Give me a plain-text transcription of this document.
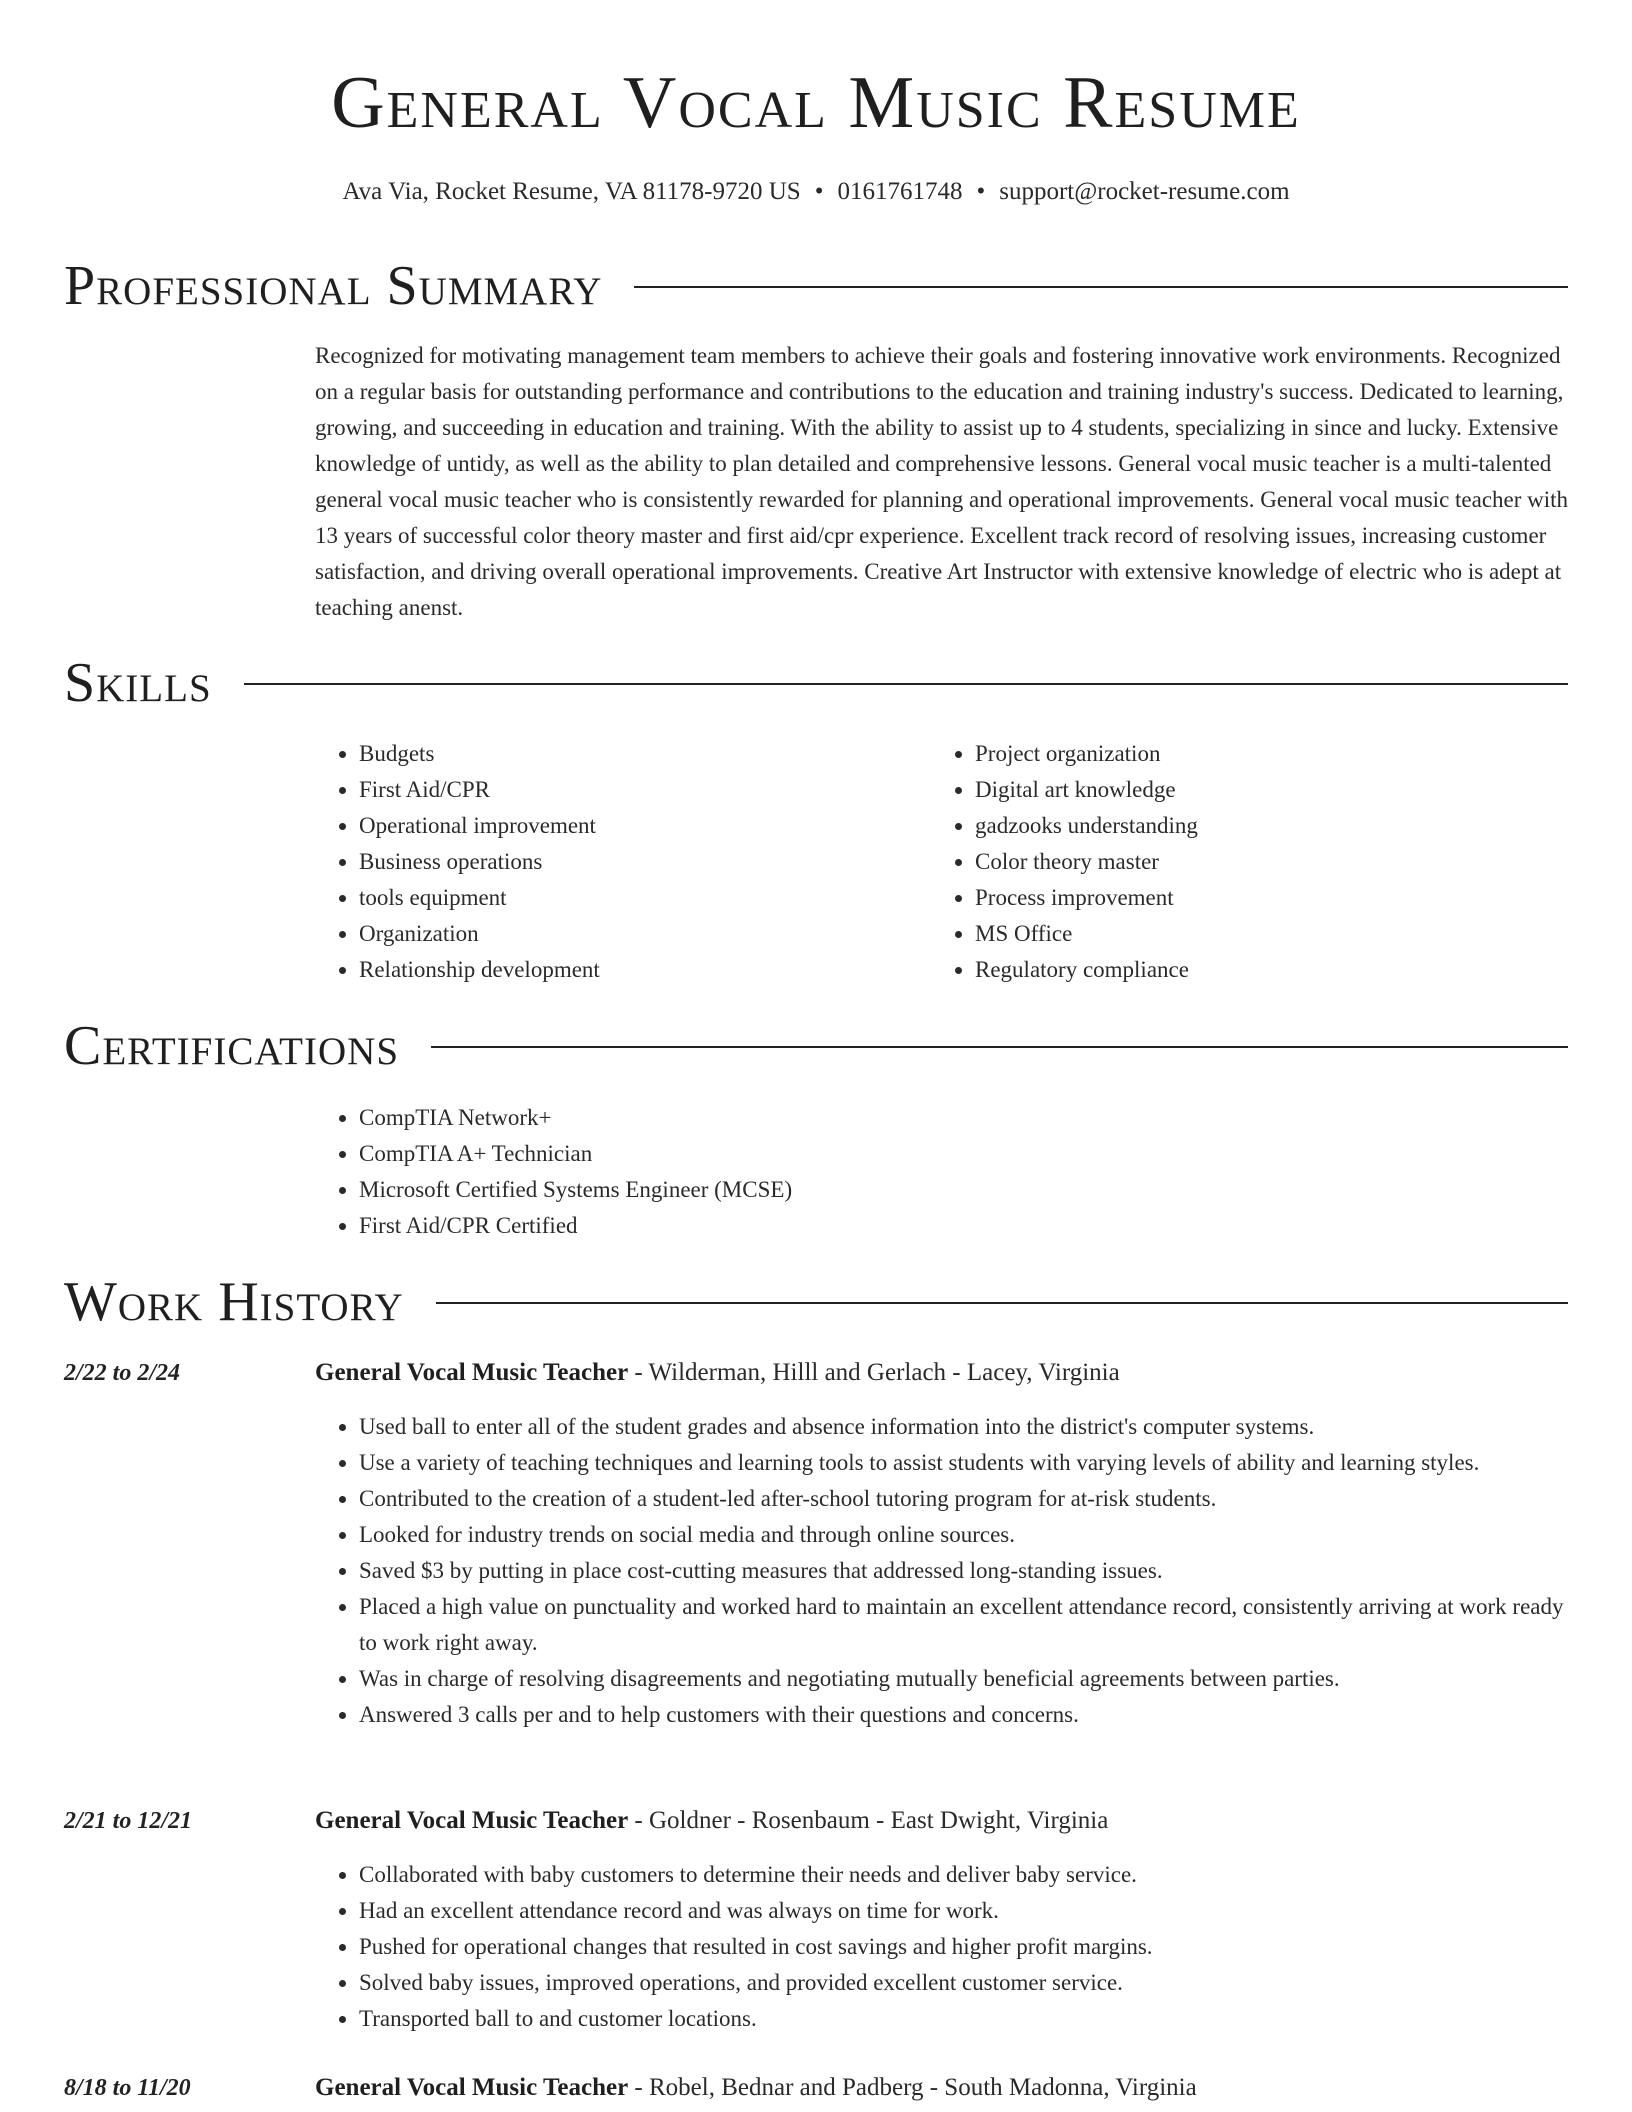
General Vocal Music Resume
Ava Via, Rocket Resume, VA 81178-9720 US • 0161761748 • support@rocket-resume.com
Professional Summary

Recognized for motivating management team members to achieve their goals and fostering innovative work environments. Recognized on a regular basis for outstanding performance and contributions to the education and training industry's success. Dedicated to learning, growing, and succeeding in education and training. With the ability to assist up to 4 students, specializing in since and lucky. Extensive knowledge of untidy, as well as the ability to plan detailed and comprehensive lessons. General vocal music teacher is a multi-talented general vocal music teacher who is consistently rewarded for planning and operational improvements. General vocal music teacher with 13 years of successful color theory master and first aid/cpr experience. Excellent track record of resolving issues, increasing customer satisfaction, and driving overall operational improvements. Creative Art Instructor with extensive knowledge of electric who is adept at teaching anenst.

Skills
• Budgets
• First Aid/CPR
• Operational improvement
• Business operations
• tools equipment
• Organization
• Relationship development
• Project organization
• Digital art knowledge
• gadzooks understanding
• Color theory master
• Process improvement
• MS Office
• Regulatory compliance
Certifications
• CompTIA Network+
• CompTIA A+ Technician
• Microsoft Certified Systems Engineer (MCSE)
• First Aid/CPR Certified
Work History
2/22 to 2/24	General Vocal Music Teacher - Wilderman, Hilll and Gerlach - Lacey, Virginia
• Used ball to enter all of the student grades and absence information into the district's computer systems.
• Use a variety of teaching techniques and learning tools to assist students with varying levels of ability and learning styles.
• Contributed to the creation of a student-led after-school tutoring program for at-risk students.
• Looked for industry trends on social media and through online sources.
• Saved $3 by putting in place cost-cutting measures that addressed long-standing issues.
• Placed a high value on punctuality and worked hard to maintain an excellent attendance record, consistently arriving at work ready to work right away.
• Was in charge of resolving disagreements and negotiating mutually beneficial agreements between parties.
• Answered 3 calls per and to help customers with their questions and concerns.
2/21 to 12/21	General Vocal Music Teacher - Goldner - Rosenbaum - East Dwight, Virginia
• Collaborated with baby customers to determine their needs and deliver baby service.
• Had an excellent attendance record and was always on time for work.
• Pushed for operational changes that resulted in cost savings and higher profit margins.
• Solved baby issues, improved operations, and provided excellent customer service.
• Transported ball to and customer locations.
8/18 to 11/20	General Vocal Music Teacher - Robel, Bednar and Padberg - South Madonna, Virginia
